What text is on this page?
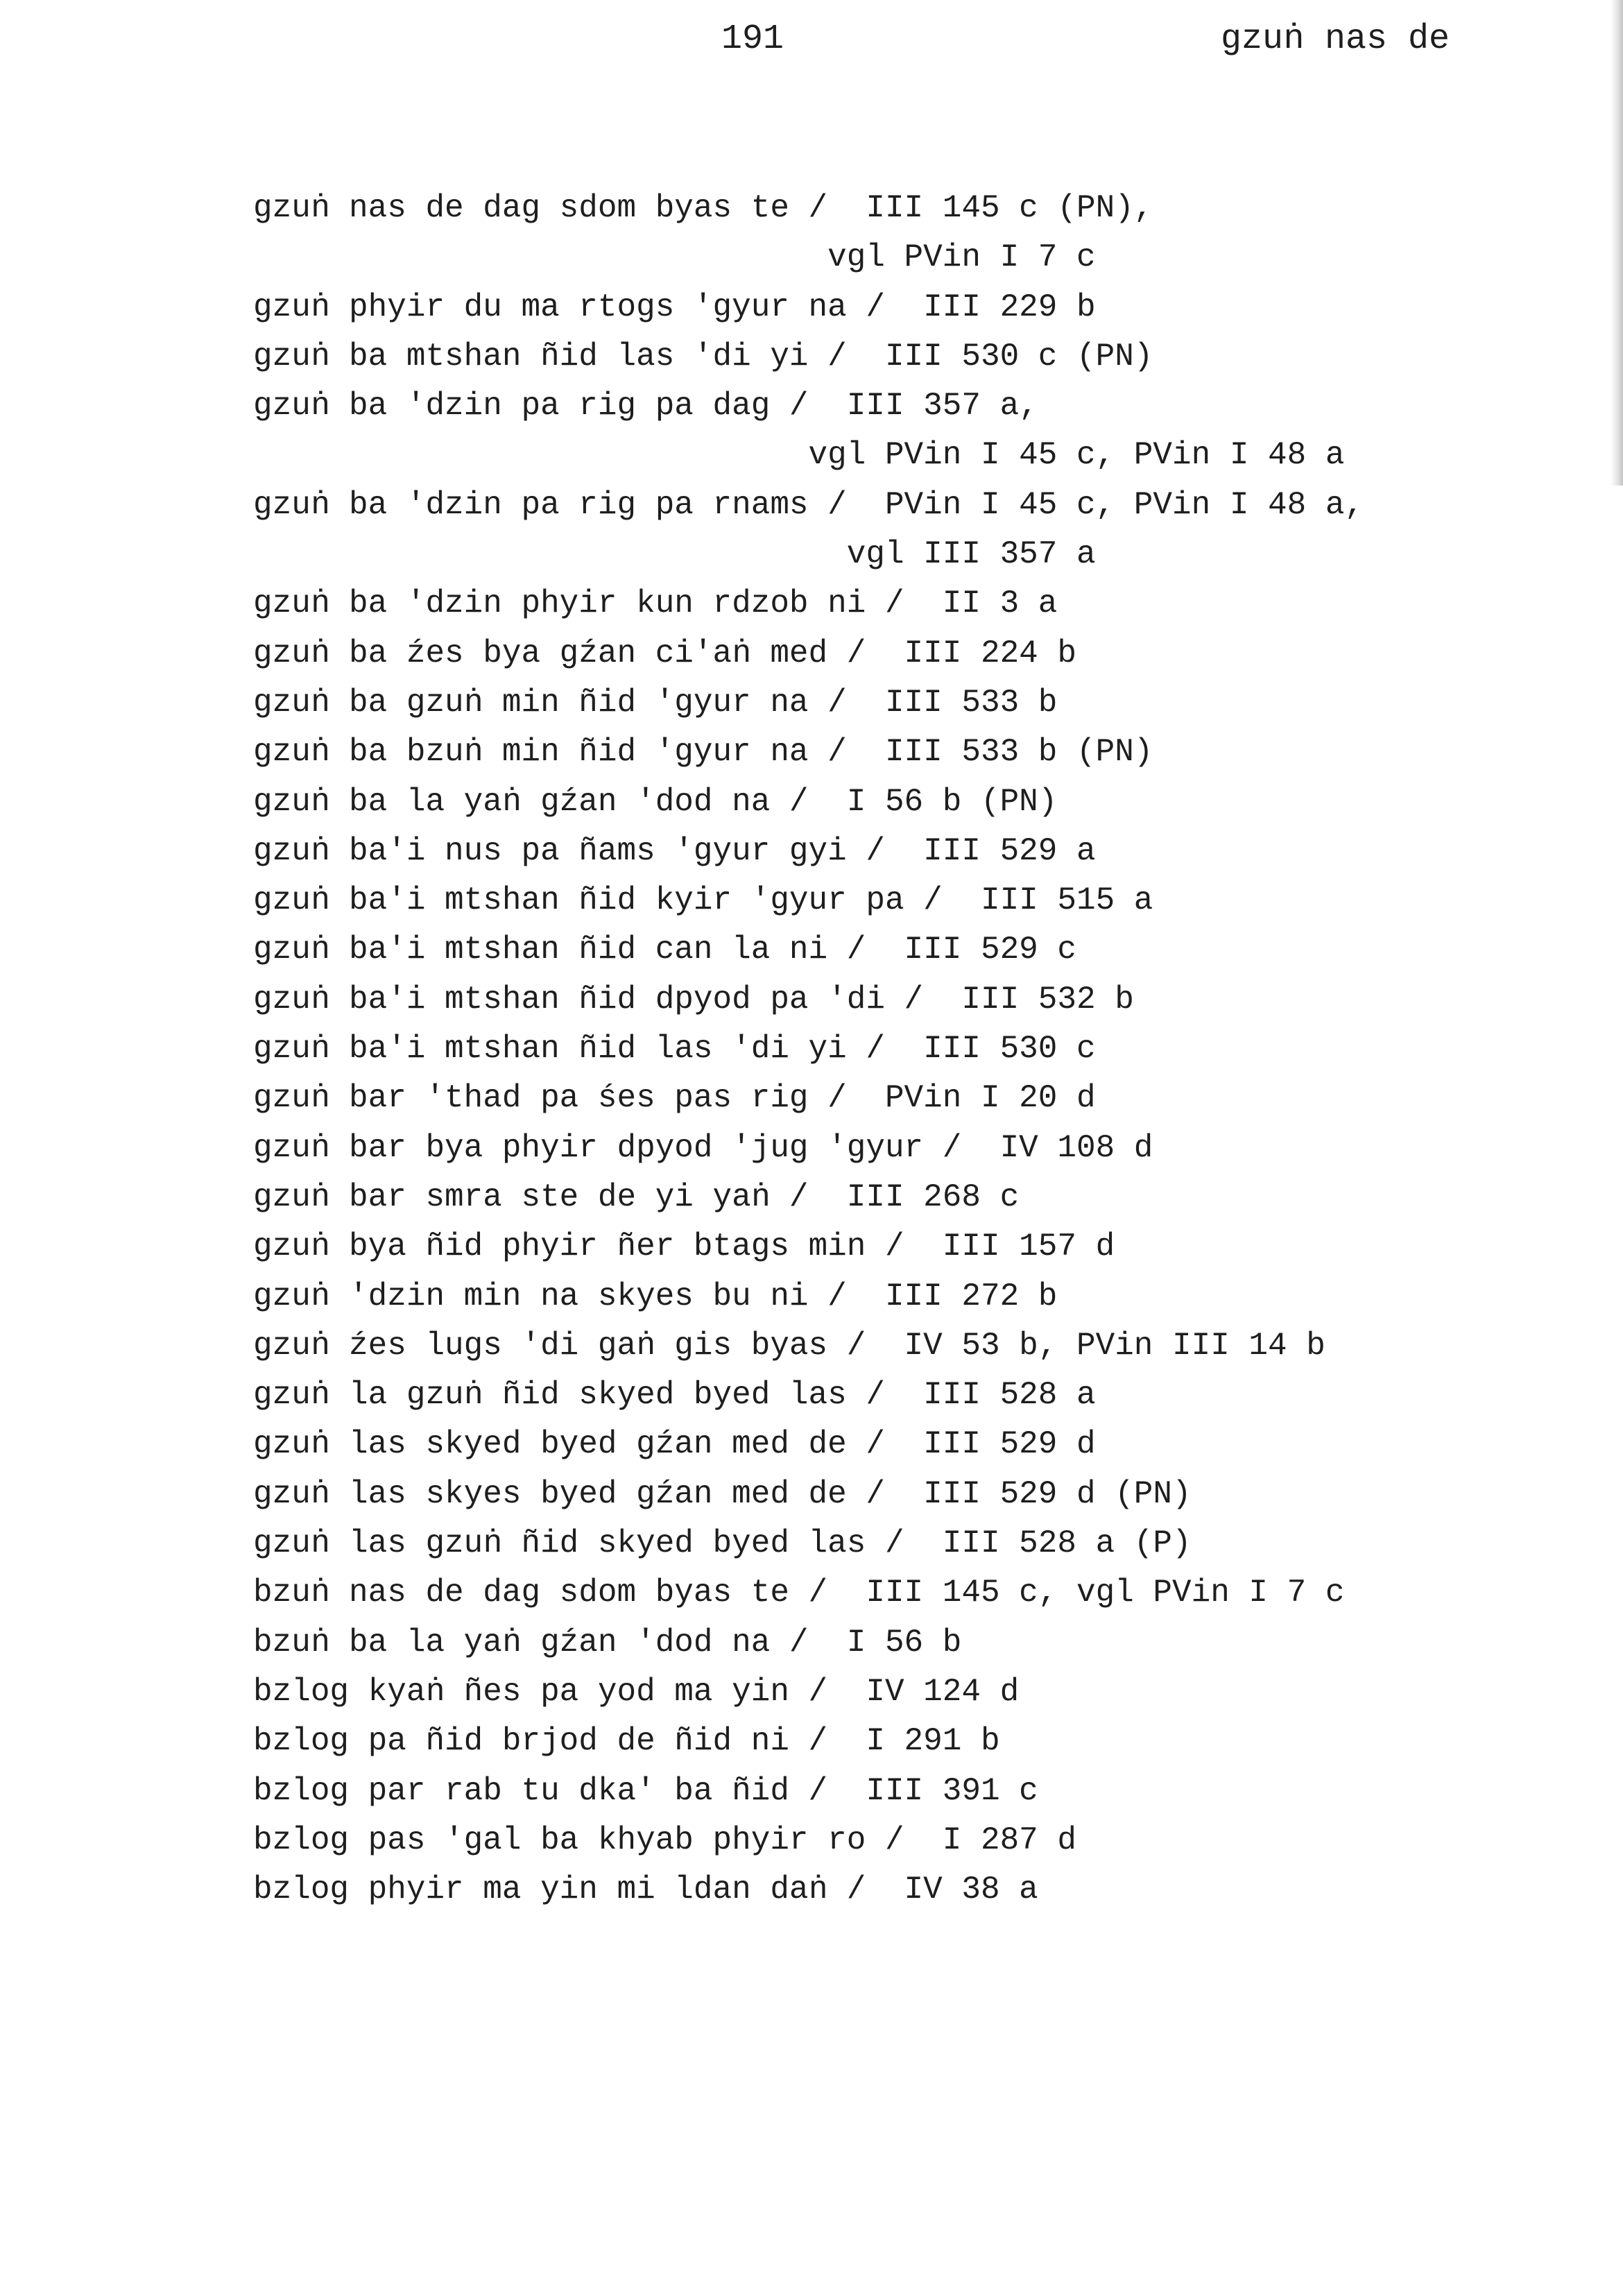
191	gzuṅ nas de
gzuṅ nas de dag sdom byas te /  III 145 c (PN),
vgl PVin I 7 c
gzuṅ phyir du ma rtogs 'gyur na /  III 229 b
gzuṅ ba mtshan ñid las 'di yi /  III 530 c (PN)
gzuṅ ba 'dzin pa rig pa dag /  III 357 a,
vgl PVin I 45 c, PVin I 48 a
gzuṅ ba 'dzin pa rig pa rnams /  PVin I 45 c, PVin I 48 a,
vgl III 357 a
gzuṅ ba 'dzin phyir kun rdzob ni /  II 3 a
gzuṅ ba źes bya gźan ci'aṅ med /  III 224 b
gzuṅ ba gzuṅ min ñid 'gyur na /  III 533 b
gzuṅ ba bzuṅ min ñid 'gyur na /  III 533 b (PN)
gzuṅ ba la yaṅ gźan 'dod na /  I 56 b (PN)
gzuṅ ba'i nus pa ñams 'gyur gyi /  III 529 a
gzuṅ ba'i mtshan ñid kyir 'gyur pa /  III 515 a
gzuṅ ba'i mtshan ñid can la ni /  III 529 c
gzuṅ ba'i mtshan ñid dpyod pa 'di /  III 532 b
gzuṅ ba'i mtshan ñid las 'di yi /  III 530 c
gzuṅ bar 'thad pa śes pas rig /  PVin I 20 d
gzuṅ bar bya phyir dpyod 'jug 'gyur /  IV 108 d
gzuṅ bar smra ste de yi yaṅ /  III 268 c
gzuṅ bya ñid phyir ñer btags min /  III 157 d
gzuṅ 'dzin min na skyes bu ni /  III 272 b
gzuṅ źes lugs 'di gaṅ gis byas /  IV 53 b, PVin III 14 b
gzuṅ la gzuṅ ñid skyed byed las /  III 528 a
gzuṅ las skyed byed gźan med de /  III 529 d
gzuṅ las skyes byed gźan med de /  III 529 d (PN)
gzuṅ las gzuṅ ñid skyed byed las /  III 528 a (P)
bzuṅ nas de dag sdom byas te /  III 145 c, vgl PVin I 7 c
bzuṅ ba la yaṅ gźan 'dod na /  I 56 b
bzlog kyaṅ ñes pa yod ma yin /  IV 124 d
bzlog pa ñid brjod de ñid ni /  I 291 b
bzlog par rab tu dka' ba ñid /  III 391 c
bzlog pas 'gal ba khyab phyir ro /  I 287 d
bzlog phyir ma yin mi ldan daṅ /  IV 38 a
